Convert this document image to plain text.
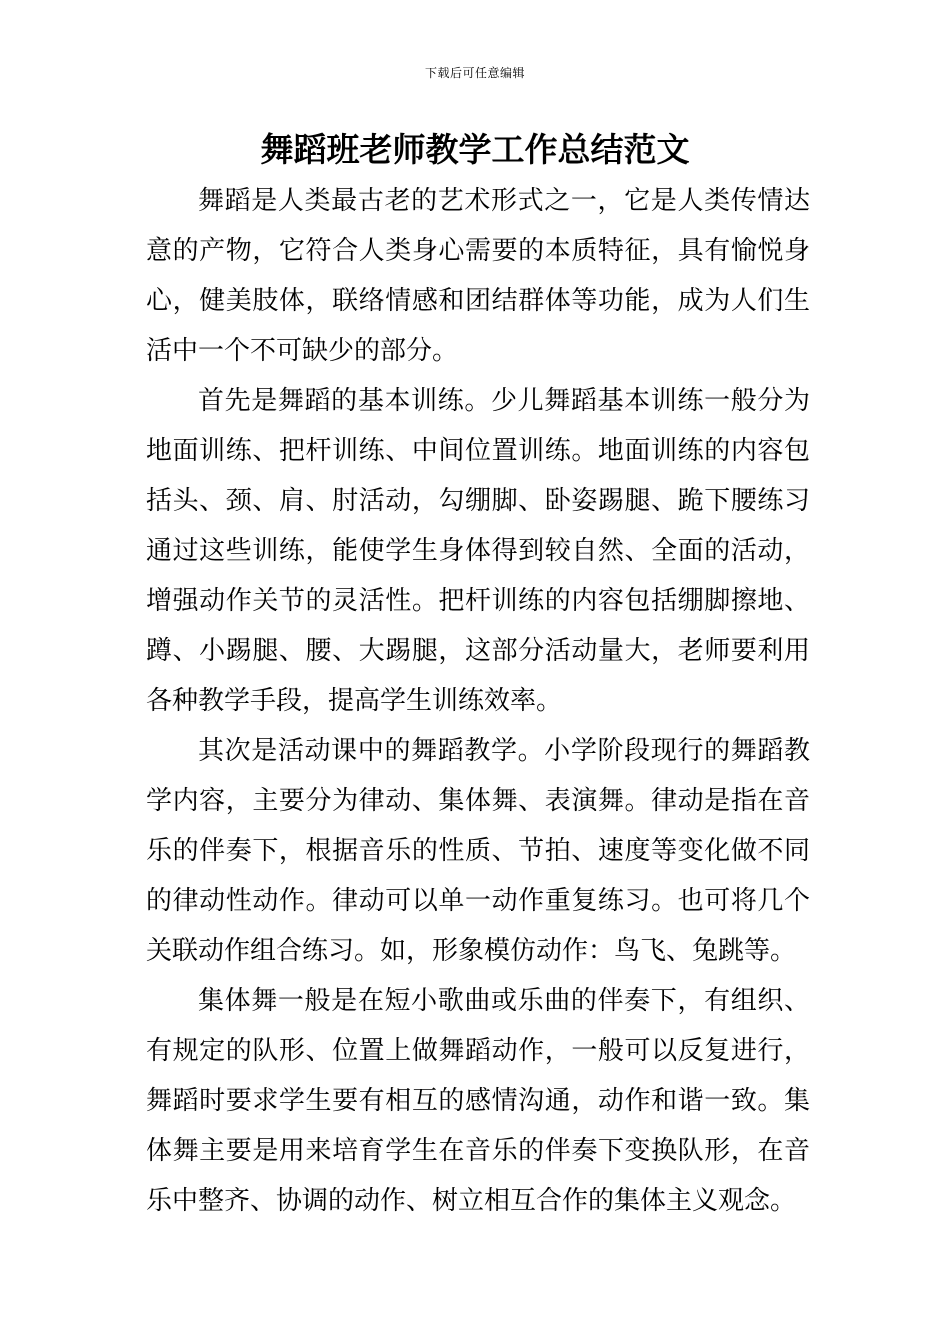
下载后可任意编辑
舞蹈班老师教学工作总结范文

舞蹈是人类最古老的艺术形式之一，它是人类传情达意的产物，它符合人类身心需要的本质特征，具有愉悦身心，健美肢体，联络情感和团结群体等功能，成为人们生活中一个不可缺少的部分。

首先是舞蹈的基本训练。少儿舞蹈基本训练一般分为地面训练、把杆训练、中间位置训练。地面训练的内容包括头、颈、肩、肘活动，勾绷脚、卧姿踢腿、跪下腰练习通过这些训练，能使学生身体得到较自然、全面的活动，增强动作关节的灵活性。把杆训练的内容包括绷脚擦地、蹲、小踢腿、腰、大踢腿，这部分活动量大，老师要利用各种教学手段，提高学生训练效率。

其次是活动课中的舞蹈教学。小学阶段现行的舞蹈教学内容，主要分为律动、集体舞、表演舞。律动是指在音乐的伴奏下，根据音乐的性质、节拍、速度等变化做不同的律动性动作。律动可以单一动作重复练习。也可将几个关联动作组合练习。如，形象模仿动作：鸟飞、兔跳等。

集体舞一般是在短小歌曲或乐曲的伴奏下，有组织、有规定的队形、位置上做舞蹈动作，一般可以反复进行，舞蹈时要求学生要有相互的感情沟通，动作和谐一致。集体舞主要是用来培育学生在音乐的伴奏下变换队形，在音乐中整齐、协调的动作、树立相互合作的集体主义观念。
